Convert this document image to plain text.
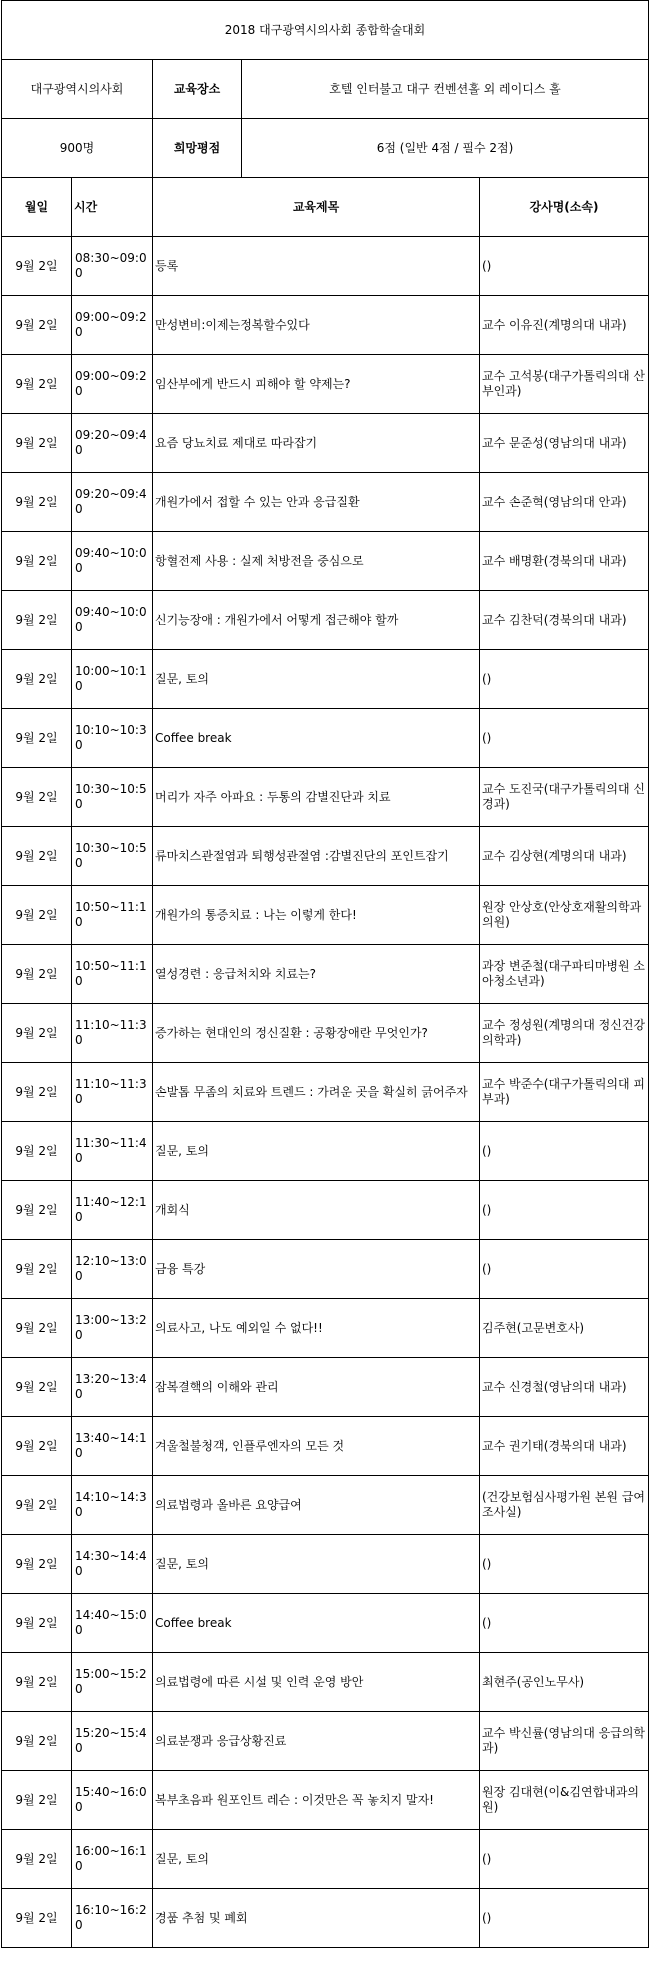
2018 대구광역시의사회 종합학술대회		
대구광역시의사회	교육장소	호텔 인터불고 대구 컨벤션홀 외 레이디스 홀
900명	희망평점	6점 (일반 4점 / 필수 2점)
월일	시간	교육제목	강사명(소속)
9월 2일	08:30~09:00	등록	()
9월 2일	09:00~09:20	만성변비:이제는정복할수있다	교수 이유진(계명의대 내과)
9월 2일	09:00~09:20	임산부에게 반드시 피해야 할 약제는?	교수 고석봉(대구가톨릭의대 산부인과)
9월 2일	09:20~09:40	요즘 당뇨치료 제대로 따라잡기	교수 문준성(영남의대 내과)
9월 2일	09:20~09:40	개원가에서 접할 수 있는 안과 응급질환	교수 손준혁(영남의대 안과)
9월 2일	09:40~10:00	항혈전제 사용 : 실제 처방전을 중심으로	교수 배명환(경북의대 내과)
9월 2일	09:40~10:00	신기능장애 : 개원가에서 어떻게 접근해야 할까	교수 김찬덕(경북의대 내과)
9월 2일	10:00~10:10	질문, 토의	()
9월 2일	10:10~10:30	Coffee break	()
9월 2일	10:30~10:50	머리가 자주 아파요 : 두통의 감별진단과 치료	교수 도진국(대구가톨릭의대 신경과)
9월 2일	10:30~10:50	류마치스관절염과 퇴행성관절염 :감별진단의 포인트잡기	교수 김상현(계명의대 내과)
9월 2일	10:50~11:10	개원가의 통증치료 : 나는 이렇게 한다!	원장 안상호(안상호재활의학과의원)
9월 2일	10:50~11:10	열성경련 : 응급처치와 치료는?	과장 변준철(대구파티마병원 소아청소년과)
9월 2일	11:10~11:30	증가하는 현대인의 정신질환 : 공황장애란 무엇인가?	교수 정성원(계명의대 정신건강의학과)
9월 2일	11:10~11:30	손발톱 무좀의 치료와 트렌드 : 가려운 곳을 확실히 긁어주자	교수 박준수(대구가톨릭의대 피부과)
9월 2일	11:30~11:40	질문, 토의	()
9월 2일	11:40~12:10	개회식	()
9월 2일	12:10~13:00	금융 특강	()
9월 2일	13:00~13:20	의료사고, 나도 예외일 수 없다!!	김주현(고문변호사)
9월 2일	13:20~13:40	잠복결핵의 이해와 관리	교수 신경철(영남의대 내과)
9월 2일	13:40~14:10	겨울철불청객, 인플루엔자의 모든 것	교수 권기태(경북의대 내과)
9월 2일	14:10~14:30	의료법령과 올바른 요양급여	(건강보험심사평가원 본원 급여조사실)
9월 2일	14:30~14:40	질문, 토의	()
9월 2일	14:40~15:00	Coffee break	()
9월 2일	15:00~15:20	의료법령에 따른 시설 및 인력 운영 방안	최현주(공인노무사)
9월 2일	15:20~15:40	의료분쟁과 응급상황진료	교수 박신률(영남의대 응급의학과)
9월 2일	15:40~16:00	복부초음파 원포인트 레슨 : 이것만은 꼭 놓치지 말자!	원장 김대현(이&김연합내과의원)
9월 2일	16:00~16:10	질문, 토의	()
9월 2일	16:10~16:20	경품 추첨 및 폐회	()
